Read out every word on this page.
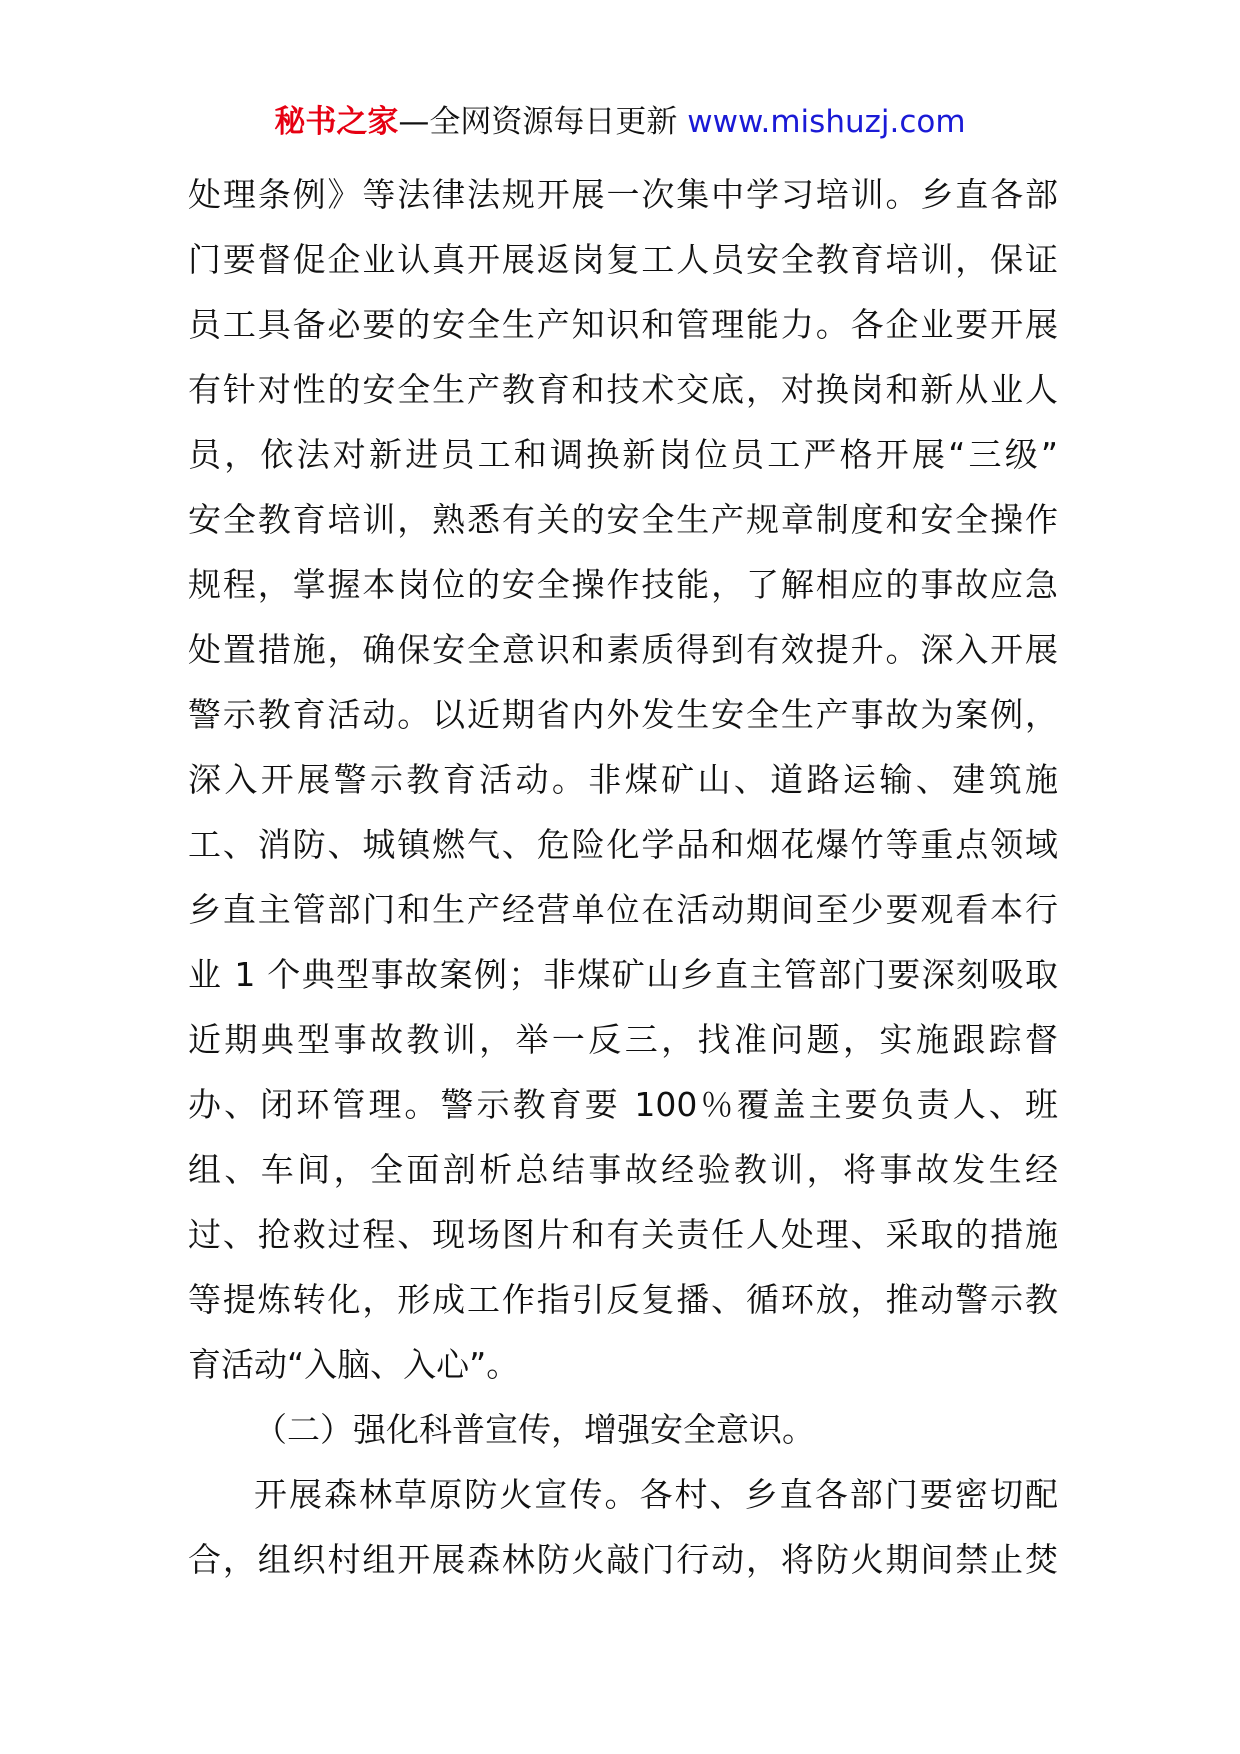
秘书之家—全网资源每日更新 www.mishuzj.com
处理条例》等法律法规开展一次集中学习培训。乡直各部
门要督促企业认真开展返岗复工人员安全教育培训，保证
员工具备必要的安全生产知识和管理能力。各企业要开展
有针对性的安全生产教育和技术交底，对换岗和新从业人
员，依法对新进员工和调换新岗位员工严格开展“三级”
安全教育培训，熟悉有关的安全生产规章制度和安全操作
规程，掌握本岗位的安全操作技能，了解相应的事故应急
处置措施，确保安全意识和素质得到有效提升。深入开展
警示教育活动。以近期省内外发生安全生产事故为案例，
深入开展警示教育活动。非煤矿山、道路运输、建筑施
工、消防、城镇燃气、危险化学品和烟花爆竹等重点领域
乡直主管部门和生产经营单位在活动期间至少要观看本行
业 1 个典型事故案例；非煤矿山乡直主管部门要深刻吸取
近期典型事故教训，举一反三，找准问题，实施跟踪督
办、闭环管理。警示教育要 100％覆盖主要负责人、班
组、车间，全面剖析总结事故经验教训，将事故发生经
过、抢救过程、现场图片和有关责任人处理、采取的措施
等提炼转化，形成工作指引反复播、循环放，推动警示教
育活动“入脑、入心”。
（二）强化科普宣传，增强安全意识。
开展森林草原防火宣传。各村、乡直各部门要密切配
合，组织村组开展森林防火敲门行动，将防火期间禁止焚
